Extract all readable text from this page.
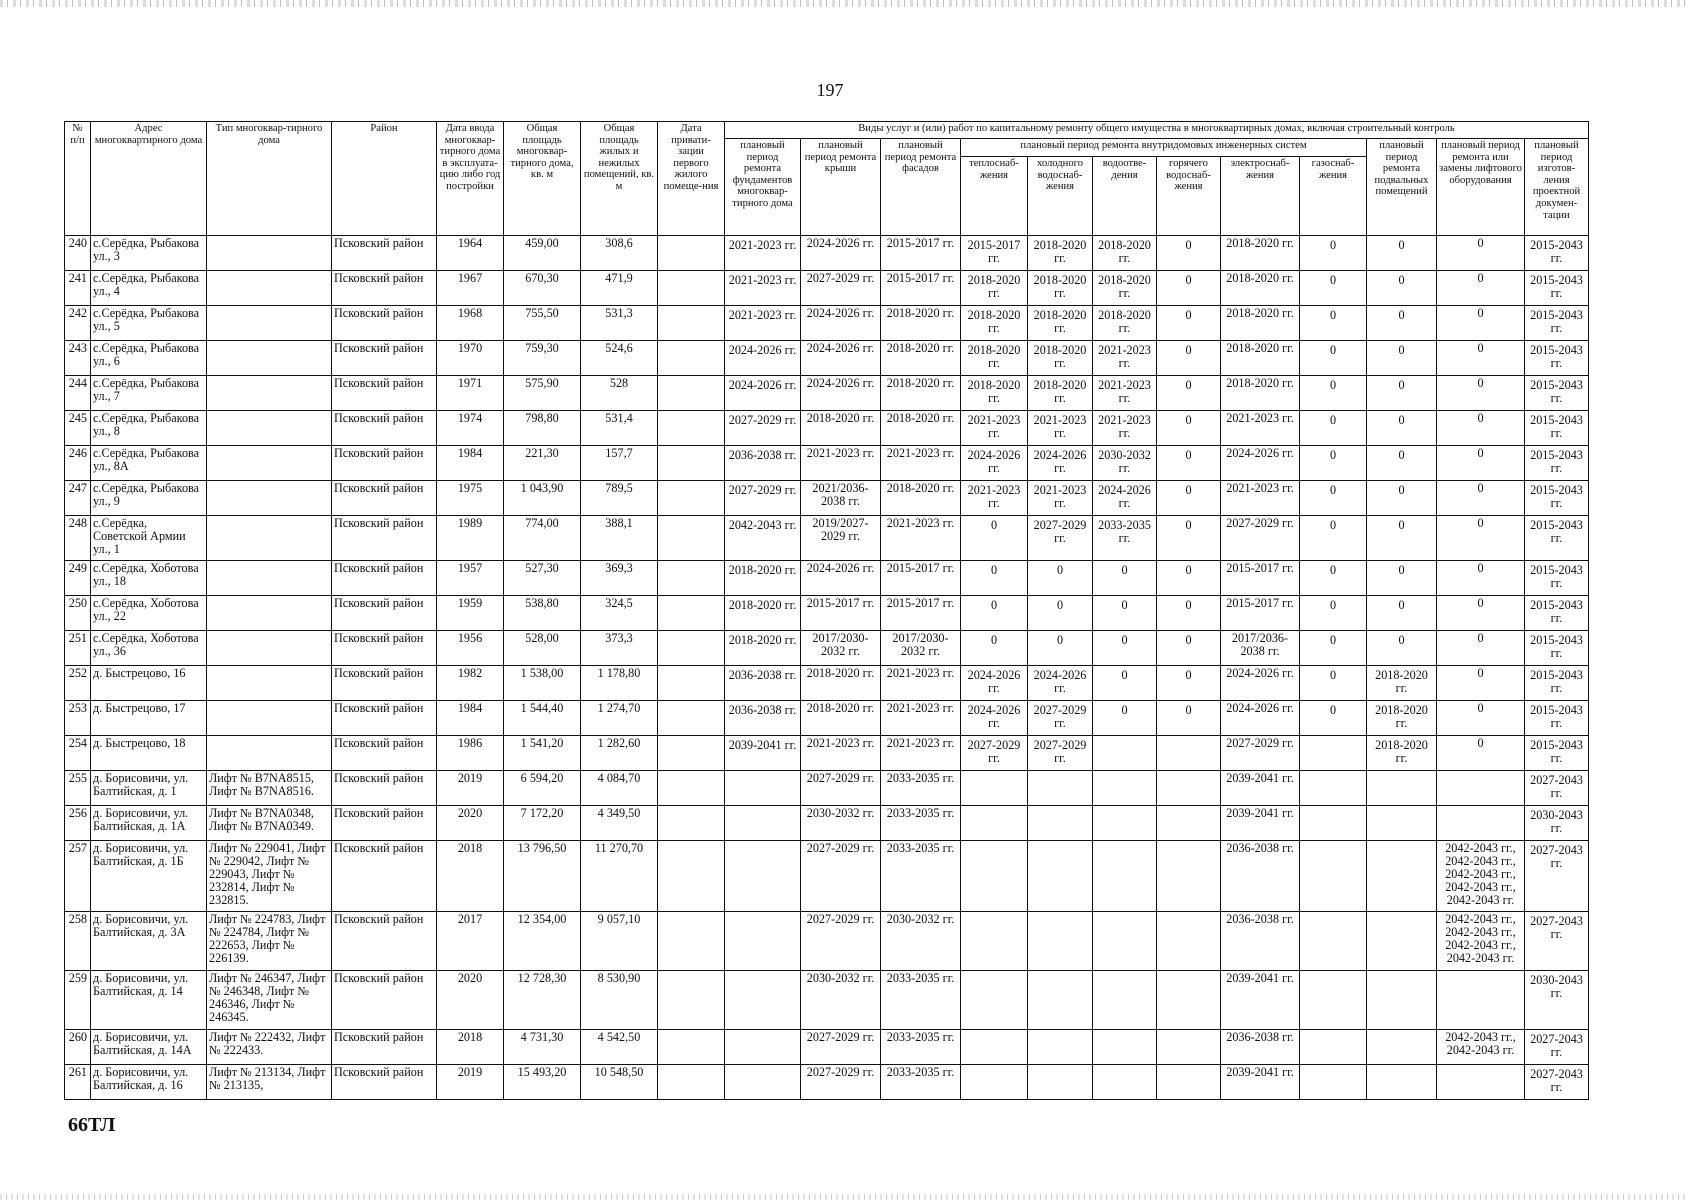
197
№ п/п	Адрес многоквартирного дома	Тип многоквар-тирного дома	Район	Дата ввода многоквар-тирного дома в эксплуата-цию либо год постройки	Общая площадь многоквар-тирного дома, кв. м	Общая площадь жилых и нежилых помещений, кв. м	Дата привати-зации первого жилого помеще-ния	Виды услуг и (или) работ по капитальному ремонту общего имущества в многоквартирных домах, включая строительный контроль											
								плановый период ремонта фундаментов многоквар-тирного дома	плановый период ремонта крыши	плановый период ремонта фасадов	плановый период ремонта внутридомовых инженерных систем						плановый период ремонта подвальных помещений	плановый период ремонта или замены лифтового оборудования	плановый период изготов-ления проектной докумен-тации
											теплоснаб-жения	холодного водоснаб-жения	водоотве-дения	горячего водоснаб-жения	электроснаб-жения	газоснаб-жения			
240	с.Серёдка, Рыбакова ул., 3		Псковский район	1964	459,00	308,6		2021-2023 гг.	2024-2026 гг.	2015-2017 гг.	2015-2017 гг.	2018-2020 гг.	2018-2020 гг.	0	2018-2020 гг.	0	0	0	2015-2043 гг.
241	с.Серёдка, Рыбакова ул., 4		Псковский район	1967	670,30	471,9		2021-2023 гг.	2027-2029 гг.	2015-2017 гг.	2018-2020 гг.	2018-2020 гг.	2018-2020 гг.	0	2018-2020 гг.	0	0	0	2015-2043 гг.
242	с.Серёдка, Рыбакова ул., 5		Псковский район	1968	755,50	531,3		2021-2023 гг.	2024-2026 гг.	2018-2020 гг.	2018-2020 гг.	2018-2020 гг.	2018-2020 гг.	0	2018-2020 гг.	0	0	0	2015-2043 гг.
243	с.Серёдка, Рыбакова ул., 6		Псковский район	1970	759,30	524,6		2024-2026 гг.	2024-2026 гг.	2018-2020 гг.	2018-2020 гг.	2018-2020 гг.	2021-2023 гг.	0	2018-2020 гг.	0	0	0	2015-2043 гг.
244	с.Серёдка, Рыбакова ул., 7		Псковский район	1971	575,90	528		2024-2026 гг.	2024-2026 гг.	2018-2020 гг.	2018-2020 гг.	2018-2020 гг.	2021-2023 гг.	0	2018-2020 гг.	0	0	0	2015-2043 гг.
245	с.Серёдка, Рыбакова ул., 8		Псковский район	1974	798,80	531,4		2027-2029 гг.	2018-2020 гг.	2018-2020 гг.	2021-2023 гг.	2021-2023 гг.	2021-2023 гг.	0	2021-2023 гг.	0	0	0	2015-2043 гг.
246	с.Серёдка, Рыбакова ул., 8А		Псковский район	1984	221,30	157,7		2036-2038 гг.	2021-2023 гг.	2021-2023 гг.	2024-2026 гг.	2024-2026 гг.	2030-2032 гг.	0	2024-2026 гг.	0	0	0	2015-2043 гг.
247	с.Серёдка, Рыбакова ул., 9		Псковский район	1975	1 043,90	789,5		2027-2029 гг.	2021/2036-2038 гг.	2018-2020 гг.	2021-2023 гг.	2021-2023 гг.	2024-2026 гг.	0	2021-2023 гг.	0	0	0	2015-2043 гг.
248	с.Серёдка, Советской Армии ул., 1		Псковский район	1989	774,00	388,1		2042-2043 гг.	2019/2027-2029 гг.	2021-2023 гг.	0	2027-2029 гг.	2033-2035 гг.	0	2027-2029 гг.	0	0	0	2015-2043 гг.
249	с.Серёдка, Хоботова ул., 18		Псковский район	1957	527,30	369,3		2018-2020 гг.	2024-2026 гг.	2015-2017 гг.	0	0	0	0	2015-2017 гг.	0	0	0	2015-2043 гг.
250	с.Серёдка, Хоботова ул., 22		Псковский район	1959	538,80	324,5		2018-2020 гг.	2015-2017 гг.	2015-2017 гг.	0	0	0	0	2015-2017 гг.	0	0	0	2015-2043 гг.
251	с.Серёдка, Хоботова ул., 36		Псковский район	1956	528,00	373,3		2018-2020 гг.	2017/2030-2032 гг.	2017/2030-2032 гг.	0	0	0	0	2017/2036-2038 гг.	0	0	0	2015-2043 гг.
252	д. Быстрецово, 16		Псковский район	1982	1 538,00	1 178,80		2036-2038 гг.	2018-2020 гг.	2021-2023 гг.	2024-2026 гг.	2024-2026 гг.	0	0	2024-2026 гг.	0	2018-2020 гг.	0	2015-2043 гг.
253	д. Быстрецово, 17		Псковский район	1984	1 544,40	1 274,70		2036-2038 гг.	2018-2020 гг.	2021-2023 гг.	2024-2026 гг.	2027-2029 гг.	0	0	2024-2026 гг.	0	2018-2020 гг.	0	2015-2043 гг.
254	д. Быстрецово, 18		Псковский район	1986	1 541,20	1 282,60		2039-2041 гг.	2021-2023 гг.	2021-2023 гг.	2027-2029 гг.	2027-2029 гг.			2027-2029 гг.		2018-2020 гг.	0	2015-2043 гг.
255	д. Борисовичи, ул. Балтийская, д. 1	Лифт № B7NA8515, Лифт № B7NA8516.	Псковский район	2019	6 594,20	4 084,70			2027-2029 гг.	2033-2035 гг.					2039-2041 гг.				2027-2043 гг.
256	д. Борисовичи, ул. Балтийская, д. 1А	Лифт № B7NA0348, Лифт № B7NA0349.	Псковский район	2020	7 172,20	4 349,50			2030-2032 гг.	2033-2035 гг.					2039-2041 гг.				2030-2043 гг.
257	д. Борисовичи, ул. Балтийская, д. 1Б	Лифт № 229041, Лифт № 229042, Лифт № 229043, Лифт № 232814, Лифт № 232815.	Псковский район	2018	13 796,50	11 270,70			2027-2029 гг.	2033-2035 гг.					2036-2038 гг.			2042-2043 гг., 2042-2043 гг., 2042-2043 гг., 2042-2043 гг., 2042-2043 гг.	2027-2043 гг.
258	д. Борисовичи, ул. Балтийская, д. 3А	Лифт № 224783, Лифт № 224784, Лифт № 222653, Лифт № 226139.	Псковский район	2017	12 354,00	9 057,10			2027-2029 гг.	2030-2032 гг.					2036-2038 гг.			2042-2043 гг., 2042-2043 гг., 2042-2043 гг., 2042-2043 гг.	2027-2043 гг.
259	д. Борисовичи, ул. Балтийская, д. 14	Лифт № 246347, Лифт № 246348, Лифт № 246346, Лифт № 246345.	Псковский район	2020	12 728,30	8 530,90			2030-2032 гг.	2033-2035 гг.					2039-2041 гг.				2030-2043 гг.
260	д. Борисовичи, ул. Балтийская, д. 14А	Лифт № 222432, Лифт № 222433.	Псковский район	2018	4 731,30	4 542,50			2027-2029 гг.	2033-2035 гг.					2036-2038 гг.			2042-2043 гг., 2042-2043 гг.	2027-2043 гг.
261	д. Борисовичи, ул. Балтийская, д. 16	Лифт № 213134, Лифт № 213135,	Псковский район	2019	15 493,20	10 548,50			2027-2029 гг.	2033-2035 гг.					2039-2041 гг.				2027-2043 гг.
66ТЛ
